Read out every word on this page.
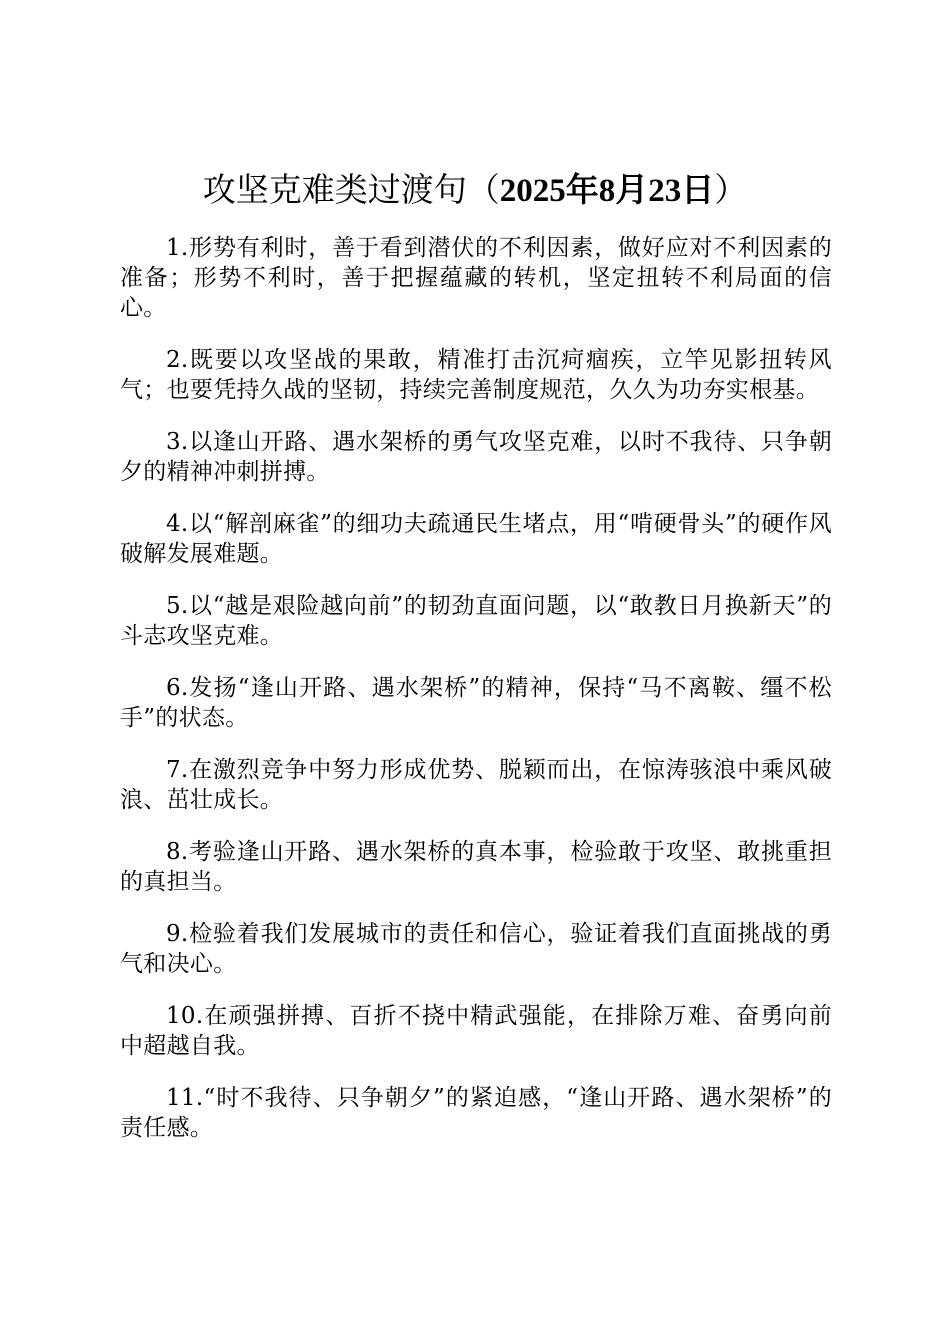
攻坚克难类过渡句（2025年8月23日）

1.形势有利时，善于看到潜伏的不利因素，做好应对不利因素的准备；形势不利时，善于把握蕴藏的转机，坚定扭转不利局面的信心。

2.既要以攻坚战的果敢，精准打击沉疴痼疾，立竿见影扭转风气；也要凭持久战的坚韧，持续完善制度规范，久久为功夯实根基。

3.以逢山开路、遇水架桥的勇气攻坚克难，以时不我待、只争朝夕的精神冲刺拼搏。

4.以“解剖麻雀”的细功夫疏通民生堵点，用“啃硬骨头”的硬作风破解发展难题。

5.以“越是艰险越向前”的韧劲直面问题，以“敢教日月换新天”的斗志攻坚克难。

6.发扬“逢山开路、遇水架桥”的精神，保持“马不离鞍、缰不松手”的状态。

7.在激烈竞争中努力形成优势、脱颖而出，在惊涛骇浪中乘风破浪、茁壮成长。

8.考验逢山开路、遇水架桥的真本事，检验敢于攻坚、敢挑重担的真担当。

9.检验着我们发展城市的责任和信心，验证着我们直面挑战的勇气和决心。

10.在顽强拼搏、百折不挠中精武强能，在排除万难、奋勇向前中超越自我。

11.“时不我待、只争朝夕”的紧迫感，“逢山开路、遇水架桥”的责任感。
